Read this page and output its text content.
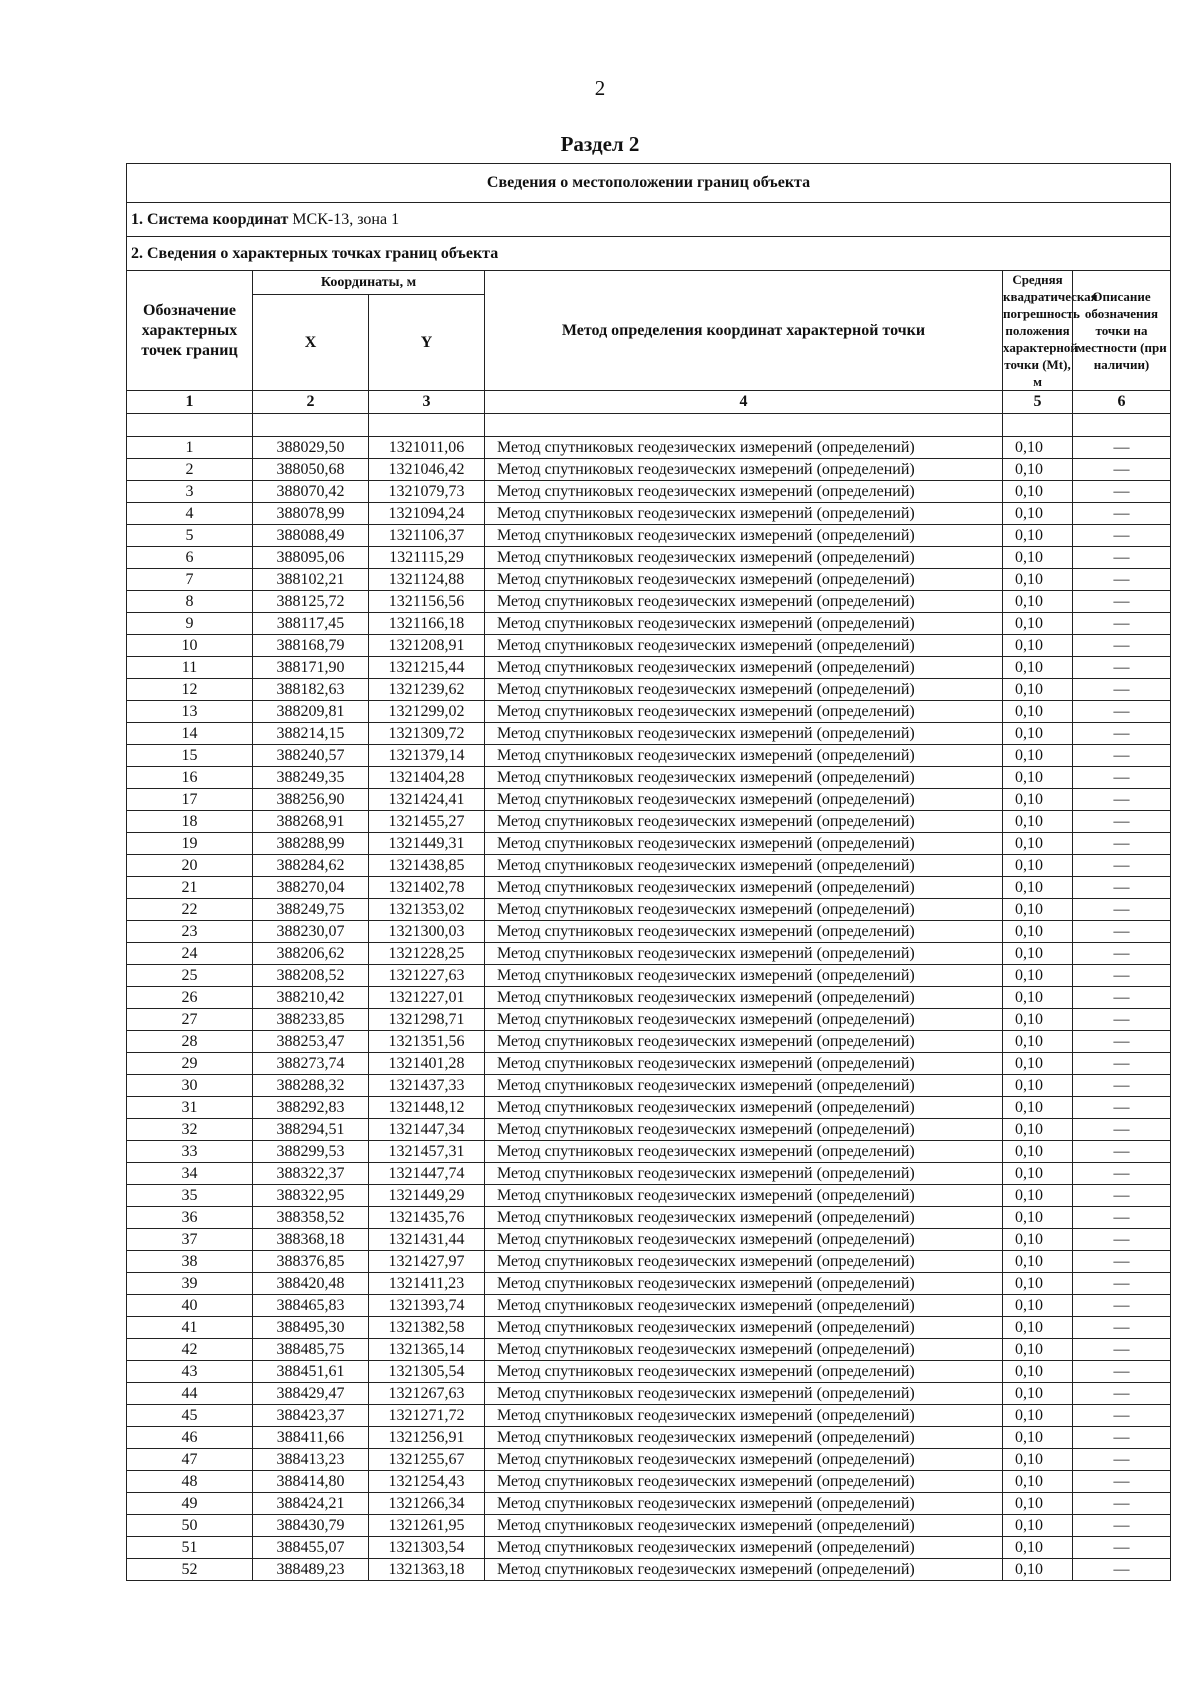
2
Раздел 2
Сведения о местоположении границ объекта					
1. Система координат МСК-13, зона 1					
2. Сведения о характерных точках границ объекта					
Обозначение характерных точек границ	Координаты, м		Метод определения координат характерной точки	Средняя квадратическая погрешность положения характерной точки (Mt), м	Описание обозначения точки на местности (при наличии)
	X	Y			
1	2	3	4	5	6

1	388029,50	1321011,06	Метод спутниковых геодезических измерений (определений)	0,10	—
2	388050,68	1321046,42	Метод спутниковых геодезических измерений (определений)	0,10	—
3	388070,42	1321079,73	Метод спутниковых геодезических измерений (определений)	0,10	—
4	388078,99	1321094,24	Метод спутниковых геодезических измерений (определений)	0,10	—
5	388088,49	1321106,37	Метод спутниковых геодезических измерений (определений)	0,10	—
6	388095,06	1321115,29	Метод спутниковых геодезических измерений (определений)	0,10	—
7	388102,21	1321124,88	Метод спутниковых геодезических измерений (определений)	0,10	—
8	388125,72	1321156,56	Метод спутниковых геодезических измерений (определений)	0,10	—
9	388117,45	1321166,18	Метод спутниковых геодезических измерений (определений)	0,10	—
10	388168,79	1321208,91	Метод спутниковых геодезических измерений (определений)	0,10	—
11	388171,90	1321215,44	Метод спутниковых геодезических измерений (определений)	0,10	—
12	388182,63	1321239,62	Метод спутниковых геодезических измерений (определений)	0,10	—
13	388209,81	1321299,02	Метод спутниковых геодезических измерений (определений)	0,10	—
14	388214,15	1321309,72	Метод спутниковых геодезических измерений (определений)	0,10	—
15	388240,57	1321379,14	Метод спутниковых геодезических измерений (определений)	0,10	—
16	388249,35	1321404,28	Метод спутниковых геодезических измерений (определений)	0,10	—
17	388256,90	1321424,41	Метод спутниковых геодезических измерений (определений)	0,10	—
18	388268,91	1321455,27	Метод спутниковых геодезических измерений (определений)	0,10	—
19	388288,99	1321449,31	Метод спутниковых геодезических измерений (определений)	0,10	—
20	388284,62	1321438,85	Метод спутниковых геодезических измерений (определений)	0,10	—
21	388270,04	1321402,78	Метод спутниковых геодезических измерений (определений)	0,10	—
22	388249,75	1321353,02	Метод спутниковых геодезических измерений (определений)	0,10	—
23	388230,07	1321300,03	Метод спутниковых геодезических измерений (определений)	0,10	—
24	388206,62	1321228,25	Метод спутниковых геодезических измерений (определений)	0,10	—
25	388208,52	1321227,63	Метод спутниковых геодезических измерений (определений)	0,10	—
26	388210,42	1321227,01	Метод спутниковых геодезических измерений (определений)	0,10	—
27	388233,85	1321298,71	Метод спутниковых геодезических измерений (определений)	0,10	—
28	388253,47	1321351,56	Метод спутниковых геодезических измерений (определений)	0,10	—
29	388273,74	1321401,28	Метод спутниковых геодезических измерений (определений)	0,10	—
30	388288,32	1321437,33	Метод спутниковых геодезических измерений (определений)	0,10	—
31	388292,83	1321448,12	Метод спутниковых геодезических измерений (определений)	0,10	—
32	388294,51	1321447,34	Метод спутниковых геодезических измерений (определений)	0,10	—
33	388299,53	1321457,31	Метод спутниковых геодезических измерений (определений)	0,10	—
34	388322,37	1321447,74	Метод спутниковых геодезических измерений (определений)	0,10	—
35	388322,95	1321449,29	Метод спутниковых геодезических измерений (определений)	0,10	—
36	388358,52	1321435,76	Метод спутниковых геодезических измерений (определений)	0,10	—
37	388368,18	1321431,44	Метод спутниковых геодезических измерений (определений)	0,10	—
38	388376,85	1321427,97	Метод спутниковых геодезических измерений (определений)	0,10	—
39	388420,48	1321411,23	Метод спутниковых геодезических измерений (определений)	0,10	—
40	388465,83	1321393,74	Метод спутниковых геодезических измерений (определений)	0,10	—
41	388495,30	1321382,58	Метод спутниковых геодезических измерений (определений)	0,10	—
42	388485,75	1321365,14	Метод спутниковых геодезических измерений (определений)	0,10	—
43	388451,61	1321305,54	Метод спутниковых геодезических измерений (определений)	0,10	—
44	388429,47	1321267,63	Метод спутниковых геодезических измерений (определений)	0,10	—
45	388423,37	1321271,72	Метод спутниковых геодезических измерений (определений)	0,10	—
46	388411,66	1321256,91	Метод спутниковых геодезических измерений (определений)	0,10	—
47	388413,23	1321255,67	Метод спутниковых геодезических измерений (определений)	0,10	—
48	388414,80	1321254,43	Метод спутниковых геодезических измерений (определений)	0,10	—
49	388424,21	1321266,34	Метод спутниковых геодезических измерений (определений)	0,10	—
50	388430,79	1321261,95	Метод спутниковых геодезических измерений (определений)	0,10	—
51	388455,07	1321303,54	Метод спутниковых геодезических измерений (определений)	0,10	—
52	388489,23	1321363,18	Метод спутниковых геодезических измерений (определений)	0,10	—
